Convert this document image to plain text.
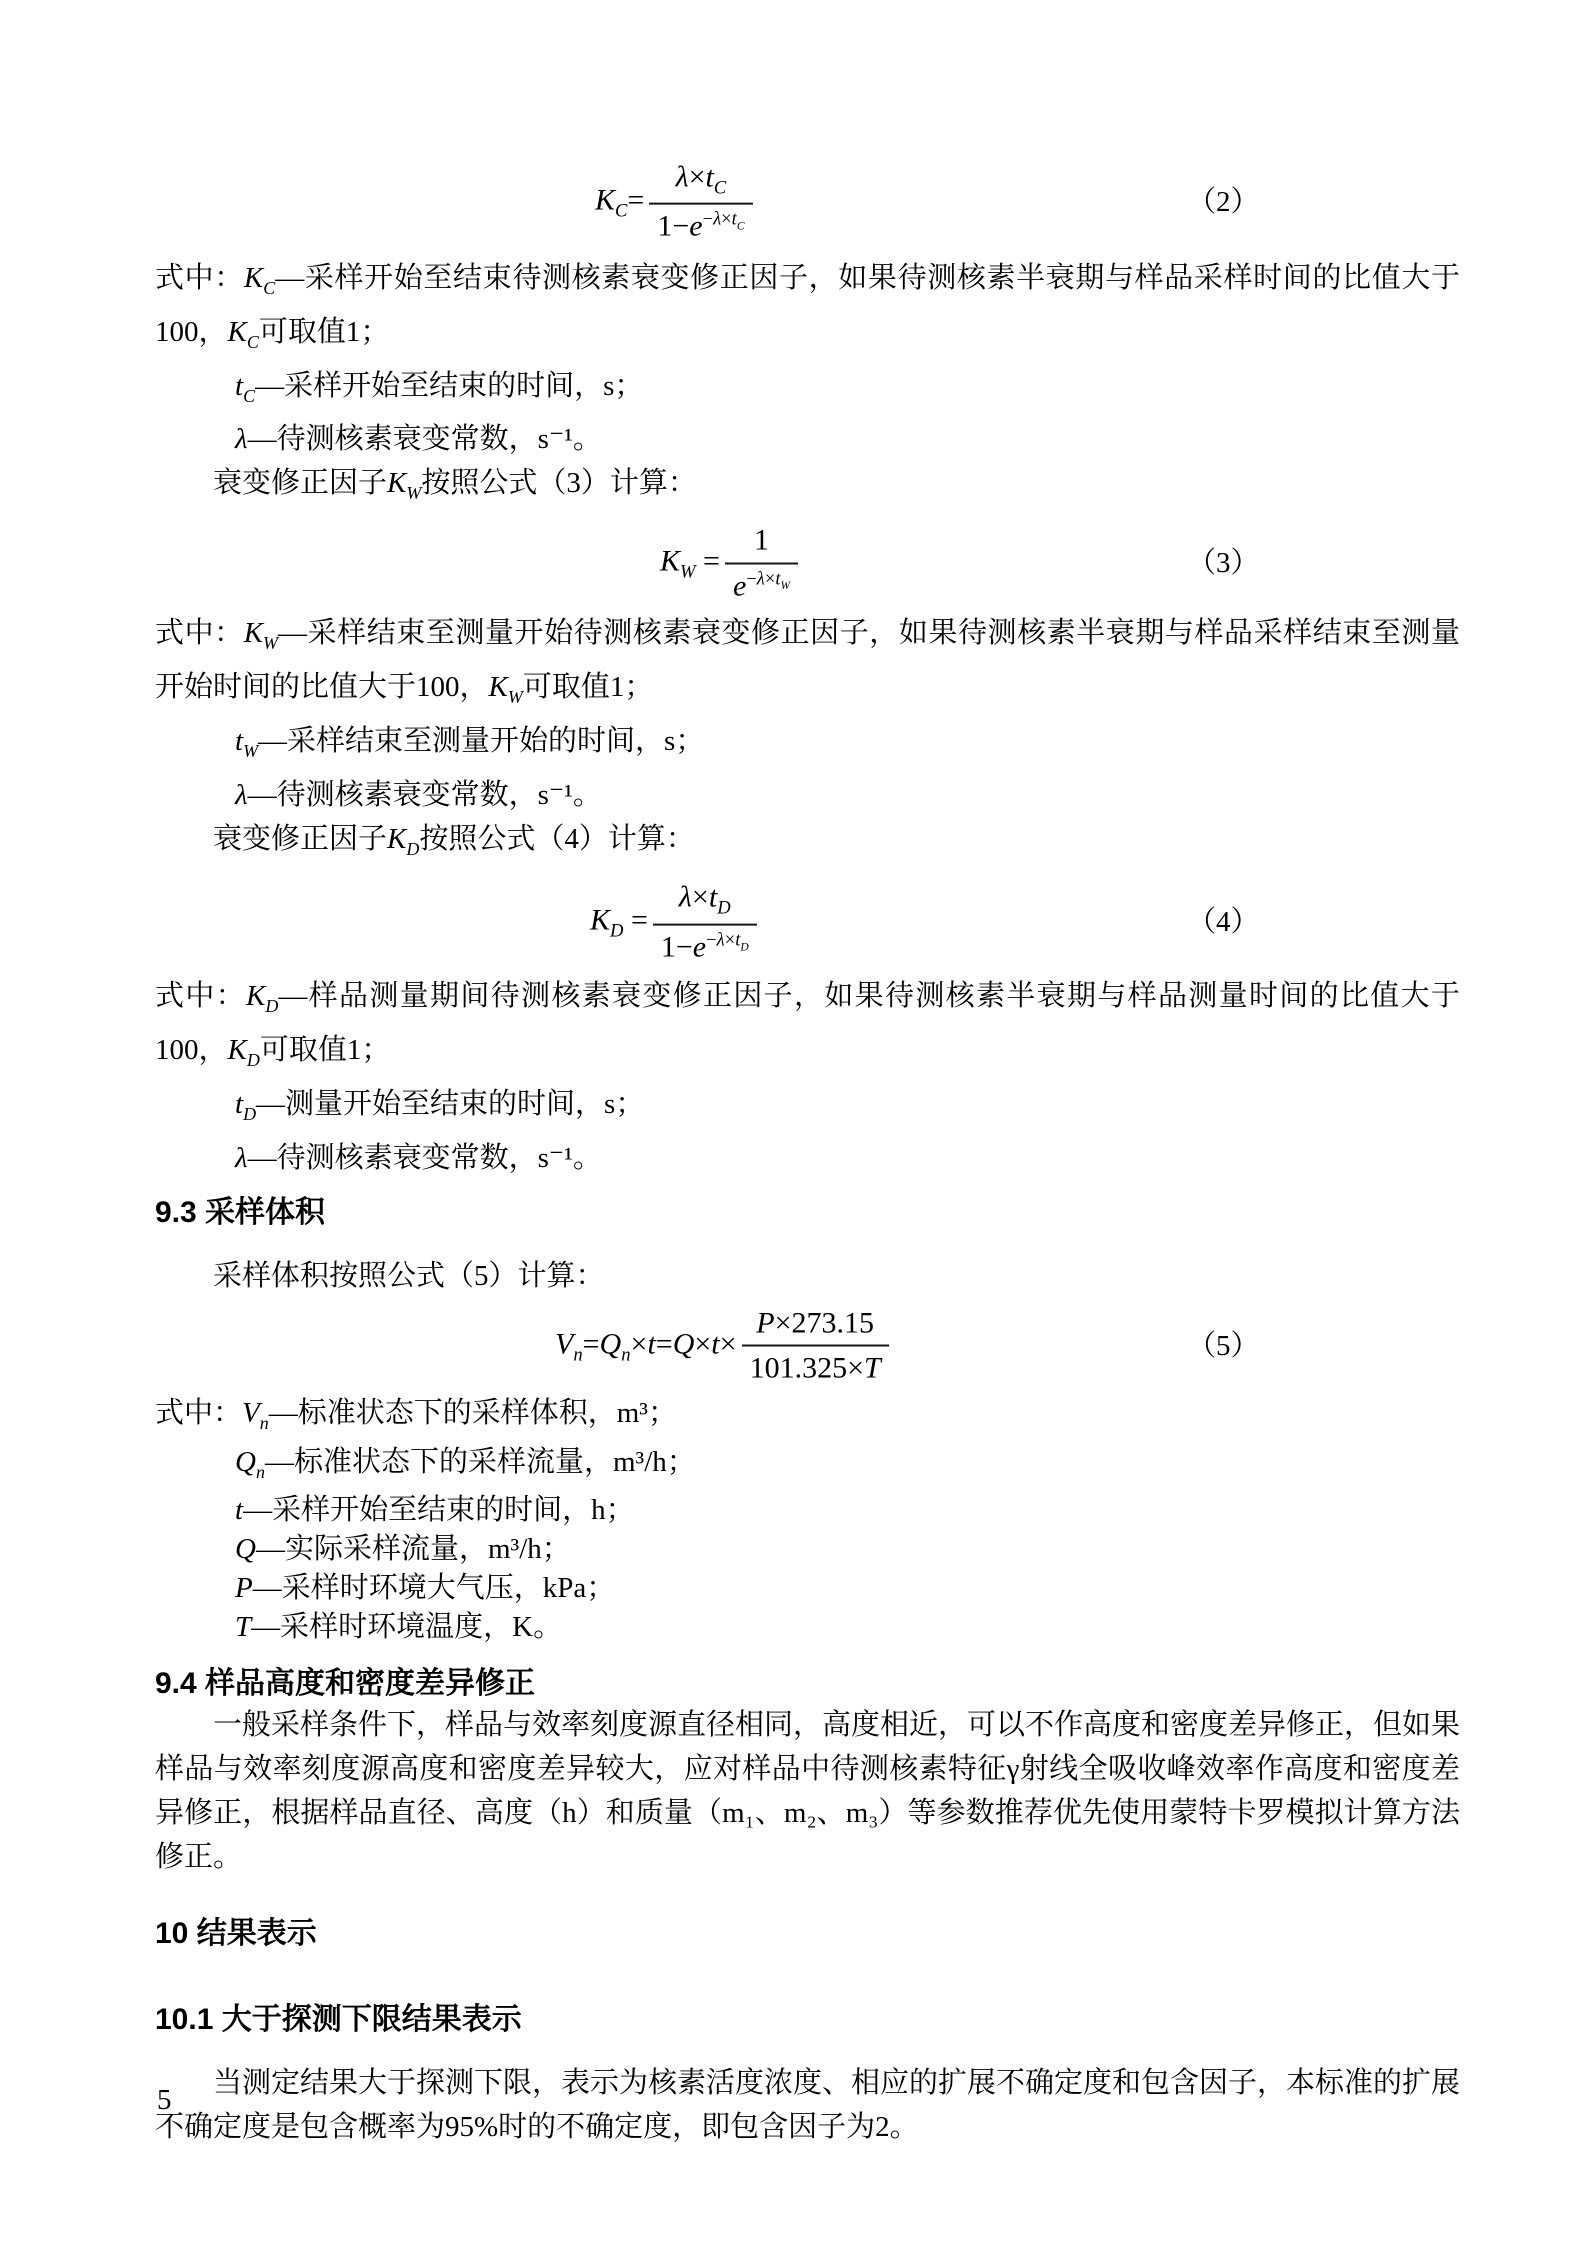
$K_C= \frac{\lambda\times t_C}{1-e^{-\lambda\times t_C}}$	（2）
式中：$K_C—$采样开始至结束待测核素衰变修正因子，如果待测核素半衰期与样品采样时间的比值大于100，$K_C$可取值1；
$t_C—$采样开始至结束的时间，s；
λ—待测核素衰变常数，s⁻¹。
衰变修正因子$K_W$按照公式（3）计算：
$K_W = \frac{1}{e^{-\lambda\times t_W}}$	（3）
式中：$K_W—$采样结束至测量开始待测核素衰变修正因子，如果待测核素半衰期与样品采样结束至测量开始时间的比值大于100，$K_W$可取值1；
$t_W—$采样结束至测量开始的时间，s；
λ—待测核素衰变常数，s⁻¹。
衰变修正因子$K_D$按照公式（4）计算：
$K_D = \frac{\lambda\times t_D}{1-e^{-\lambda\times t_D}}$	（4）
式中：$K_D—$样品测量期间待测核素衰变修正因子，如果待测核素半衰期与样品测量时间的比值大于100，$K_D$可取值1；
$t_D—$测量开始至结束的时间，s；
λ—待测核素衰变常数，s⁻¹。
9.3 采样体积
采样体积按照公式（5）计算：
$V_n=Q_n\times t=Q\times t\times \frac{P\times 273.15}{101.325\times T}$	（5）
式中：$V_n—$标准状态下的采样体积，m³；
$Q_n—$标准状态下的采样流量，m³/h；
t—采样开始至结束的时间，h；
Q—实际采样流量，m³/h；
P—采样时环境大气压，kPa；
T—采样时环境温度，K。
9.4 样品高度和密度差异修正
一般采样条件下，样品与效率刻度源直径相同，高度相近，可以不作高度和密度差异修正，但如果样品与效率刻度源高度和密度差异较大，应对样品中待测核素特征γ射线全吸收峰效率作高度和密度差异修正，根据样品直径、高度（h）和质量（m₁、m₂、m₃）等参数推荐优先使用蒙特卡罗模拟计算方法修正。
10 结果表示
10.1 大于探测下限结果表示
当测定结果大于探测下限，表示为核素活度浓度、相应的扩展不确定度和包含因子，本标准的扩展不确定度是包含概率为95%时的不确定度，即包含因子为2。
5
